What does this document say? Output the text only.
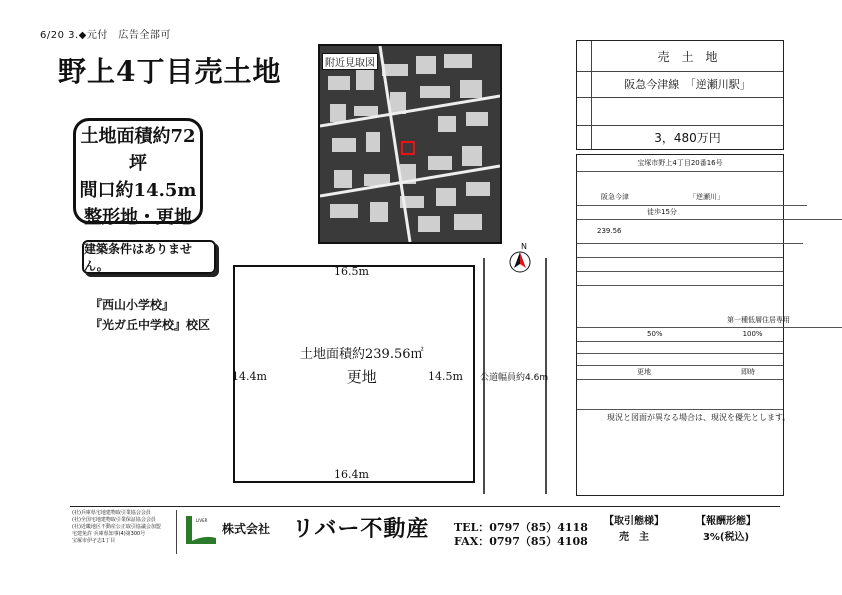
6/20 3.◆元付　広告全部可
野上4丁目売土地
土地面積約72坪
間口約14.5m
整形地・更地
建築条件はありません。
『西山小学校』
『光ガ丘中学校』校区
附近見取図
16.5m
16.4m
14.4m	14.5m
土地面積約239.56㎡
更地	公道幅員約4.6m
N
売　土　地
阪急今津線　「逆瀬川駅」
3，480万円
宝塚市野上4丁目20番16号
阪急今津	「逆瀬川」
徒歩15分
239.56
第一種低層住居専用
50%	100%
更地	即時
現況と図面が異なる場合は、現況を優先とします。
(社)兵庫県宅地建物取引業協会会員
(社)全国宅地建物取引業保証協会会員
(社)近畿地区不動産公正取引協議会加盟
宅建免許 兵庫県知事(4)第300号
宝塚市伊孑志1丁目
LIVER
株式会社 リバー不動産 TEL：0797（85）4118
FAX：0797（85）4108
【取引態様】
売　主
【報酬形態】
3%(税込)
